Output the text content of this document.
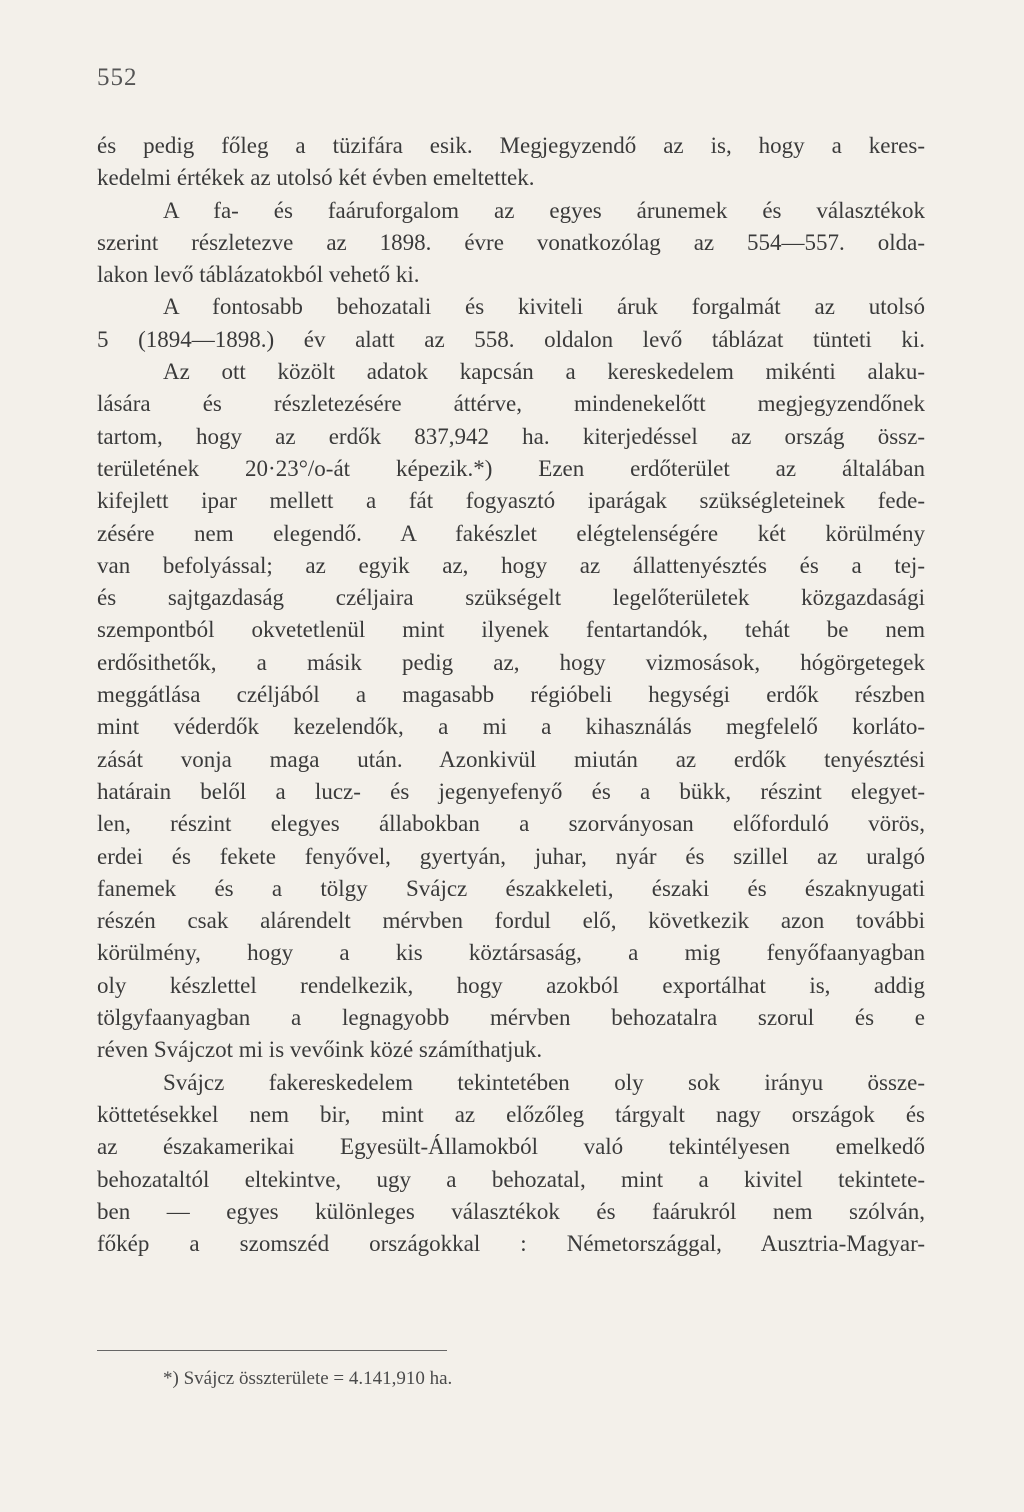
552
és pedig főleg a tüzifára esik. Megjegyzendő az is, hogy a keres-
kedelmi értékek az utolsó két évben emeltettek.
A fa- és faáruforgalom az egyes árunemek és választékok
szerint részletezve az 1898. évre vonatkozólag az 554—557. olda-
lakon levő táblázatokból vehető ki.
A fontosabb behozatali és kiviteli áruk forgalmát az utolsó
5 (1894—1898.) év alatt az 558. oldalon levő táblázat tünteti ki.
Az ott közölt adatok kapcsán a kereskedelem mikénti alaku-
lására és részletezésére áttérve, mindenekelőtt megjegyzendőnek
tartom, hogy az erdők 837,942 ha. kiterjedéssel az ország össz-
területének 20·23°/o-át képezik.*) Ezen erdőterület az általában
kifejlett ipar mellett a fát fogyasztó iparágak szükségleteinek fede-
zésére nem elegendő. A fakészlet elégtelenségére két körülmény
van befolyással; az egyik az, hogy az állattenyésztés és a tej-
és sajtgazdaság czéljaira szükségelt legelőterületek közgazdasági
szempontból okvetetlenül mint ilyenek fentartandók, tehát be nem
erdősithetők, a másik pedig az, hogy vizmosások, hógörgetegek
meggátlása czéljából a magasabb régióbeli hegységi erdők részben
mint véderdők kezelendők, a mi a kihasználás megfelelő korláto-
zását vonja maga után. Azonkivül miután az erdők tenyésztési
határain belől a lucz- és jegenyefenyő és a bükk, részint elegyet-
len, részint elegyes állabokban a szorványosan előforduló vörös,
erdei és fekete fenyővel, gyertyán, juhar, nyár és szillel az uralgó
fanemek és a tölgy Svájcz északkeleti, északi és északnyugati
részén csak alárendelt mérvben fordul elő, következik azon további
körülmény, hogy a kis köztársaság, a mig fenyőfaanyagban
oly készlettel rendelkezik, hogy azokból exportálhat is, addig
tölgyfaanyagban a legnagyobb mérvben behozatalra szorul és e
réven Svájczot mi is vevőink közé számíthatjuk.
Svájcz fakereskedelem tekintetében oly sok irányu össze-
köttetésekkel nem bir, mint az előzőleg tárgyalt nagy országok és
az északamerikai Egyesült-Államokból való tekintélyesen emelkedő
behozataltól eltekintve, ugy a behozatal, mint a kivitel tekintete-
ben — egyes különleges választékok és faárukról nem szólván,
főkép a szomszéd országokkal : Németországgal, Ausztria-Magyar-
*) Svájcz összterülete = 4.141,910 ha.
